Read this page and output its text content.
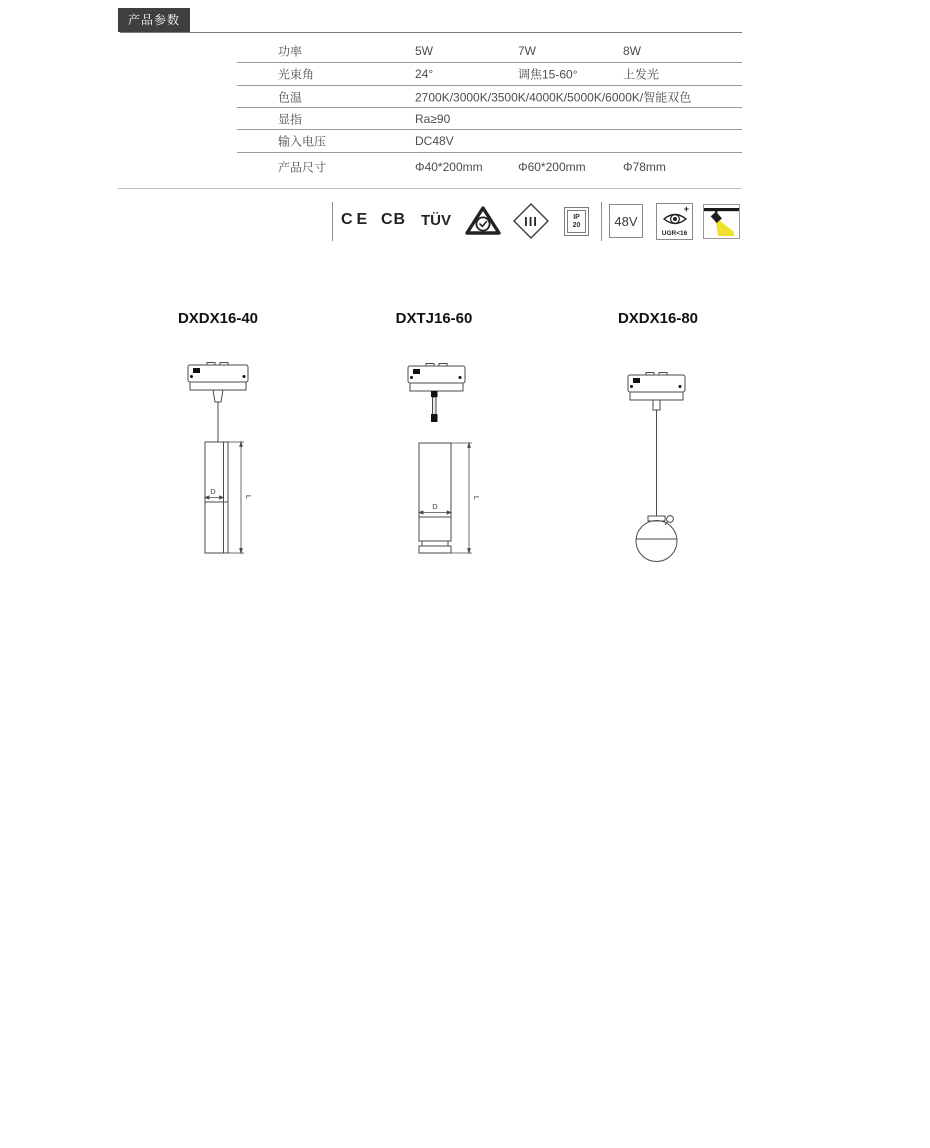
产品参数
功率	5W	7W	8W
光束角	24°	调焦15-60°	上发光
色温	2700K/3000K/3500K/4000K/5000K/6000K/智能双色
显指	Ra≥90
输入电压	DC48V
产品尺寸	Φ40*200mm	Φ60*200mm	Φ78mm
CE CB TÜV	III	IP
20	48V
+
UGR<16
DXDX16-40	DXTJ16-60	DXDX16-80
D
L
D
L
